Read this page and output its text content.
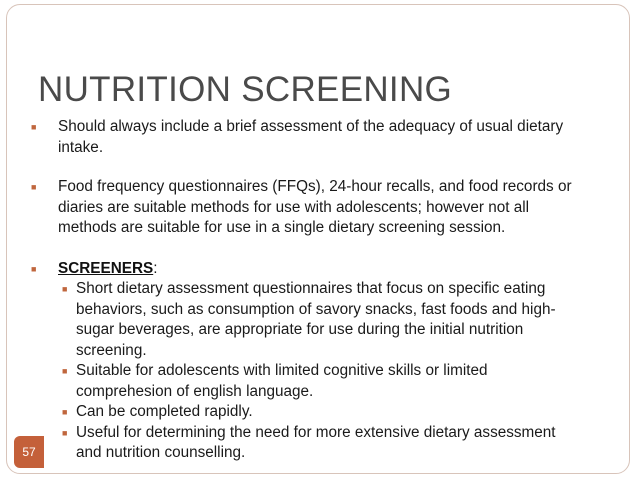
NUTRITION SCREENING

■ Should always include a brief assessment of the adequacy of usual dietary
intake.

■ Food frequency questionnaires (FFQs), 24-hour recalls, and food records or
diaries are suitable methods for use with adolescents; however not all
methods are suitable for use in a single dietary screening session.

■ SCREENERS:

■ Short dietary assessment questionnaires that focus on specific eating
behaviors, such as consumption of savory snacks, fast foods and high-
sugar beverages, are appropriate for use during the initial nutrition
screening.

■ Suitable for adolescents with limited cognitive skills or limited
comprehesion of english language.

■ Can be completed rapidly.

■ Useful for determining the need for more extensive dietary assessment
and nutrition counselling.

57
